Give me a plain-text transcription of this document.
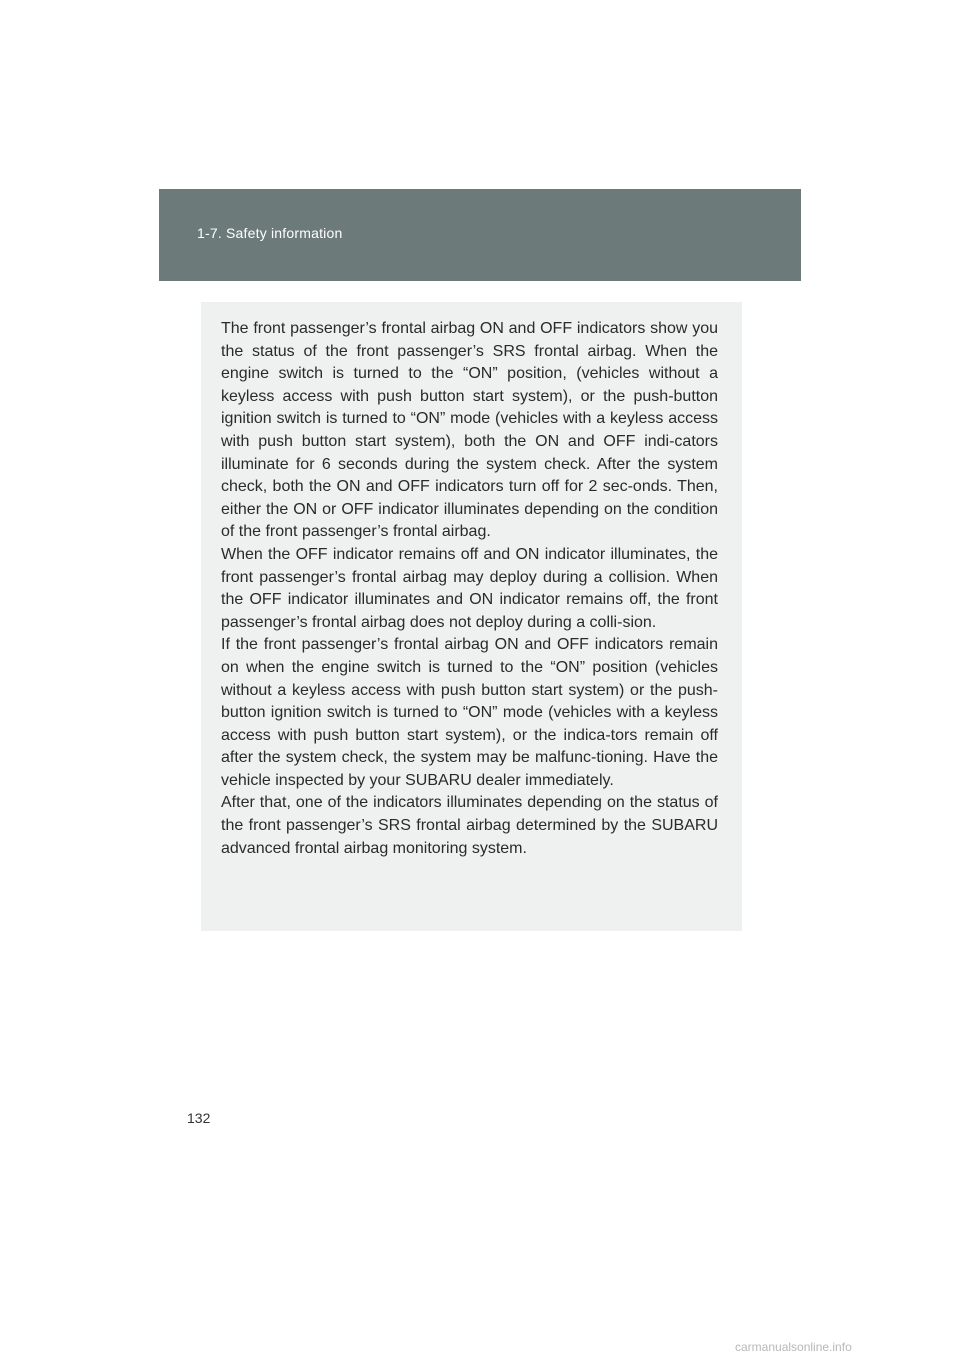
1-7. Safety information

The front passenger’s frontal airbag ON and OFF indicators show you the status of the front passenger’s SRS frontal airbag. When the engine switch is turned to the “ON” position, (vehicles without a keyless access with push button start system), or the push-button ignition switch is turned to “ON” mode (vehicles with a keyless access with push button start system), both the ON and OFF indi-cators illuminate for 6 seconds during the system check. After the system check, both the ON and OFF indicators turn off for 2 sec-onds. Then, either the ON or OFF indicator illuminates depending on the condition of the front passenger’s frontal airbag.

When the OFF indicator remains off and ON indicator illuminates, the front passenger’s frontal airbag may deploy during a collision. When the OFF indicator illuminates and ON indicator remains off, the front passenger’s frontal airbag does not deploy during a colli-sion.

If the front passenger’s frontal airbag ON and OFF indicators remain on when the engine switch is turned to the “ON” position (vehicles without a keyless access with push button start system) or the push-button ignition switch is turned to “ON” mode (vehicles with a keyless access with push button start system), or the indica-tors remain off after the system check, the system may be malfunc-tioning. Have the vehicle inspected by your SUBARU dealer immediately.

After that, one of the indicators illuminates depending on the status of the front passenger’s SRS frontal airbag determined by the SUBARU advanced frontal airbag monitoring system.

132
carmanualsonline.info
